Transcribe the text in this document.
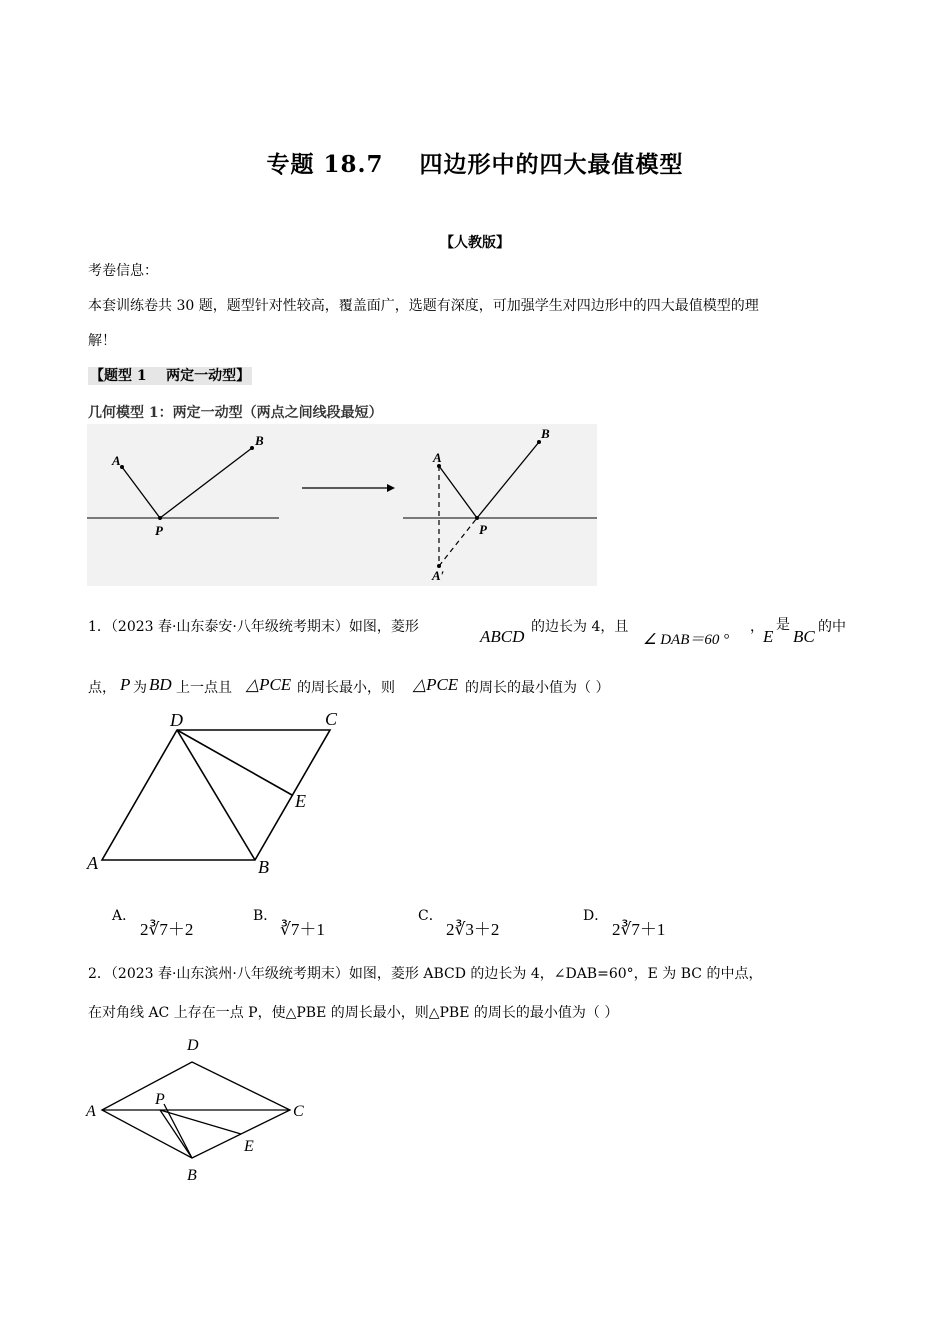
专题 18.7    四边形中的四大最值模型
【人教版】
考卷信息：
本套训练卷共 30 题，题型针对性较高，覆盖面广，选题有深度，可加强学生对四边形中的四大最值模型的理
解！
【题型 1    两定一动型】
几何模型 1：两定一动型（两点之间线段最短）
A
B
P
A
B
P
A′
1．（2023 春·山东泰安·八年级统考期末）如图，菱形	ABCD 的边长为 4，且
∠ DAB＝60 °
， E
是
BC 的中
点， P 为 BD 上一点且 △PCE 的周长最小，则 △PCE 的周长的最小值为（ ）
D	C
E
A	B
A．
2∛7＋2
B．
∛7＋1
C．
2∛3＋2
D．
2∛7＋1
2．（2023 春·山东滨州·八年级统考期末）如图，菱形 ABCD 的边长为 4，∠DAB=60°，E 为 BC 的中点，
在对角线 AC 上存在一点 P，使△PBE 的周长最小，则△PBE 的周长的最小值为（ ）
D
A	C
P
E
B
